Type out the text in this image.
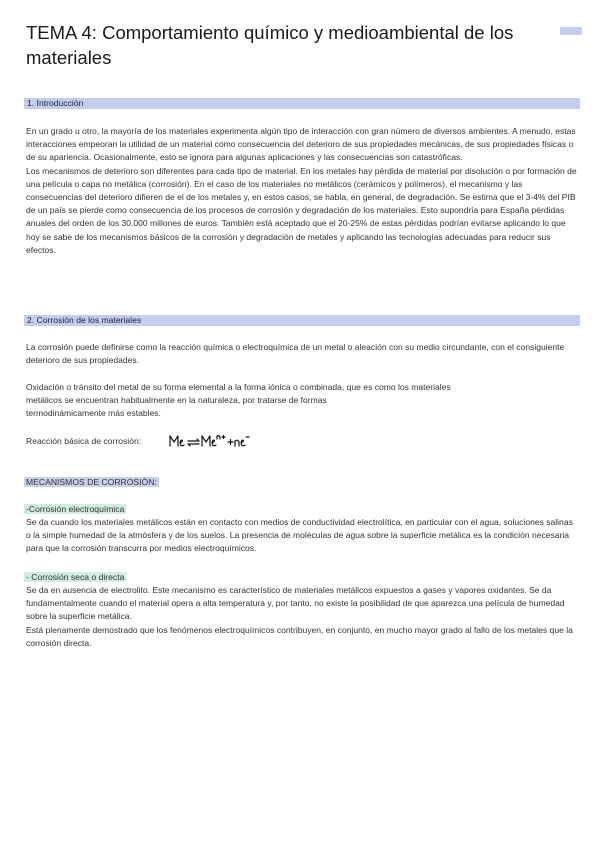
TEMA 4: Comportamiento químico y medioambiental de los materiales
1. Introducción

En un grado u otro, la mayoría de los materiales experimenta algún tipo de interacción con gran número de diversos ambientes. A menudo, estas interacciones empeoran la utilidad de un material como consecuencia del deterioro de sus propiedades mecánicas, de sus propiedades físicas o de su apariencia. Ocasionalmente, esto se ignora para algunas aplicaciones y las consecuencias son catastróficas.

Los mecanismos de deterioro son diferentes para cada tipo de material. En los metales hay pérdida de material por disolución o por formación de una película o capa no metálica (corrosión). En el caso de los materiales no metálicos (cerámicos y polímeros), el mecanismo y las consecuencias del deterioro difieren de el de los metales y, en estos casos, se habla, en general, de degradación. Se estima que el 3-4% del PIB de un país se pierde como consecuencia de los procesos de corrosión y degradación de los materiales. Esto supondría para España pérdidas anuales del orden de los 30.000 millones de euros. También está aceptado que el 20-25% de estas pérdidas podrían evitarse aplicando lo que hoy se sabe de los mecanismos básicos de la corrosión y degradación de metales y aplicando las tecnologías adecuadas para reducir sus efectos.

2. Corrosión de los materiales

La corrosión puede definirse como la reacción química o electroquímica de un metal o aleación con su medio circundante, con el consiguiente deterioro de sus propiedades.

Oxidación o tránsito del metal de su forma elemental a la forma iónica o combinada, que es como los materiales

metálicos se encuentran habitualmente en la naturaleza, por tratarse de formas

termodinámicamente más estables.

Reacción básica de corrosión:
MECANISMOS DE CORROSIÓN:
-Corrosión electroquímica

Se da cuando los materiales metálicos están en contacto con medios de conductividad electrolítica, en particular con el agua, soluciones salinas o la simple humedad de la atmósfera y de los suelos. La presencia de moléculas de agua sobre la superficie metálica es la condición necesaria para que la corrosión transcurra por medios electroquímicos.

- Corrosión seca o directa

Se da en ausencia de electrolito. Este mecanismo es característico de materiales metálicos expuestos a gases y vapores oxidantes. Se da fundamentalmente cuando el material opera a alta temperatura y, por tanto, no existe la posibilidad de que aparezca una película de humedad sobre la superficie metálica.

Está plenamente demostrado que los fenómenos electroquímicos contribuyen, en conjunto, en mucho mayor grado al fallo de los metales que la corrosión directa.
